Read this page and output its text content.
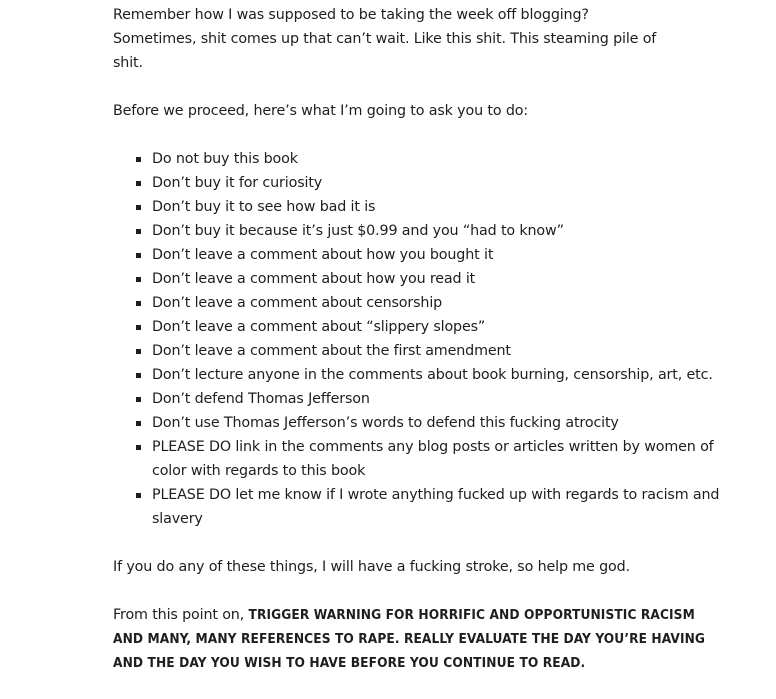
Remember how I was supposed to be taking the week off blogging? Sometimes, shit comes up that can’t wait. Like this shit. This steaming pile of shit.

Before we proceed, here’s what I’m going to ask you to do:

Do not buy this book
Don’t buy it for curiosity
Don’t buy it to see how bad it is
Don’t buy it because it’s just $0.99 and you “had to know”
Don’t leave a comment about how you bought it
Don’t leave a comment about how you read it
Don’t leave a comment about censorship
Don’t leave a comment about “slippery slopes”
Don’t leave a comment about the first amendment
Don’t lecture anyone in the comments about book burning, censorship, art, etc.
Don’t defend Thomas Jefferson
Don’t use Thomas Jefferson’s words to defend this fucking atrocity
PLEASE DO link in the comments any blog posts or articles written by women of color with regards to this book
PLEASE DO let me know if I wrote anything fucked up with regards to racism and slavery

If you do any of these things, I will have a fucking stroke, so help me god.

From this point on, TRIGGER WARNING FOR HORRIFIC AND OPPORTUNISTIC RACISM AND MANY, MANY REFERENCES TO RAPE. REALLY EVALUATE THE DAY YOU’RE HAVING AND THE DAY YOU WISH TO HAVE BEFORE YOU CONTINUE TO READ.
